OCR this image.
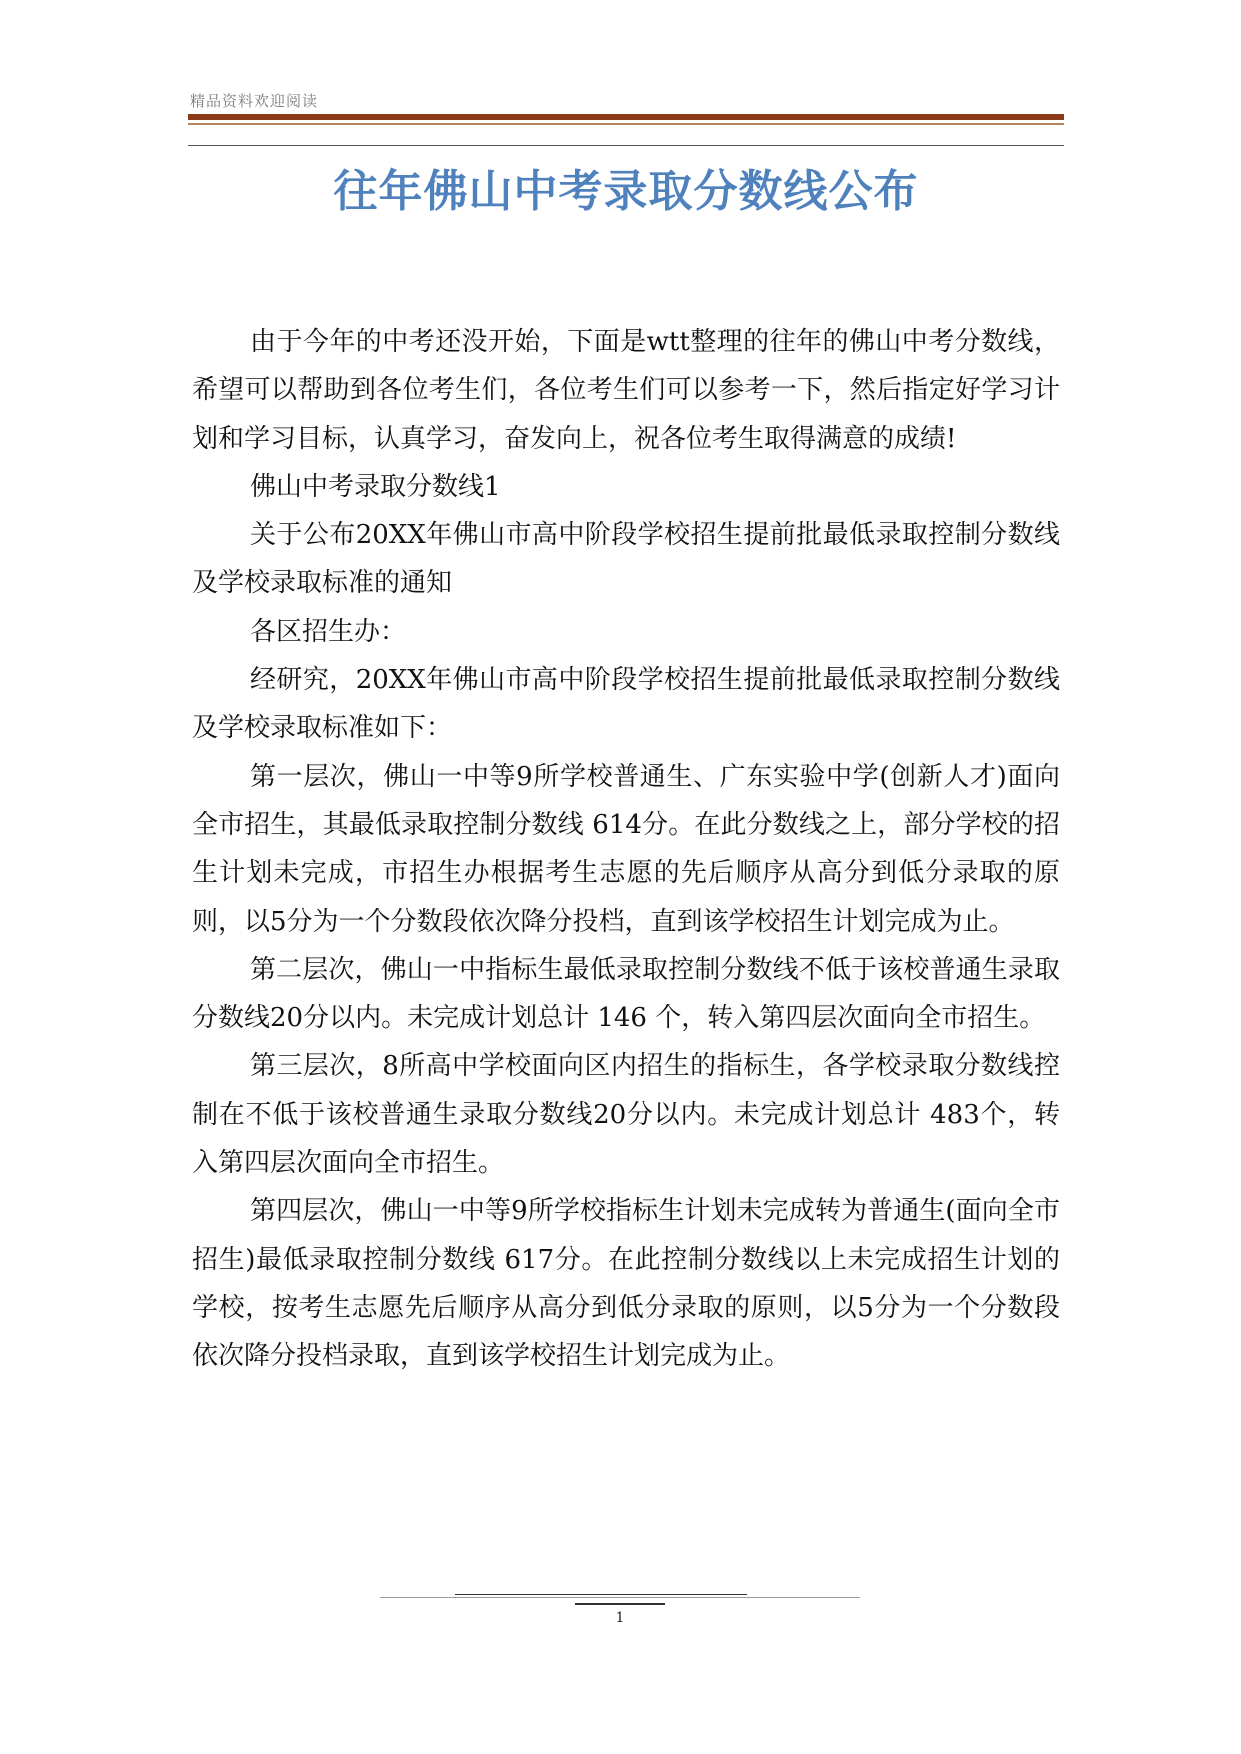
精品资料欢迎阅读
往年佛山中考录取分数线公布

由于今年的中考还没开始，下面是wtt整理的往年的佛山中考分数线，希望可以帮助到各位考生们，各位考生们可以参考一下，然后指定好学习计划和学习目标，认真学习，奋发向上，祝各位考生取得满意的成绩!

佛山中考录取分数线1

关于公布20XX年佛山市高中阶段学校招生提前批最低录取控制分数线及学校录取标准的通知

各区招生办：

经研究，20XX年佛山市高中阶段学校招生提前批最低录取控制分数线及学校录取标准如下：

第一层次，佛山一中等9所学校普通生、广东实验中学(创新人才)面向全市招生，其最低录取控制分数线 614分。在此分数线之上，部分学校的招生计划未完成，市招生办根据考生志愿的先后顺序从高分到低分录取的原则，以5分为一个分数段依次降分投档，直到该学校招生计划完成为止。

第二层次，佛山一中指标生最低录取控制分数线不低于该校普通生录取分数线20分以内。未完成计划总计 146 个，转入第四层次面向全市招生。

第三层次，8所高中学校面向区内招生的指标生，各学校录取分数线控制在不低于该校普通生录取分数线20分以内。未完成计划总计 483个，转入第四层次面向全市招生。

第四层次，佛山一中等9所学校指标生计划未完成转为普通生(面向全市招生)最低录取控制分数线 617分。在此控制分数线以上未完成招生计划的学校，按考生志愿先后顺序从高分到低分录取的原则，以5分为一个分数段依次降分投档录取，直到该学校招生计划完成为止。

1
